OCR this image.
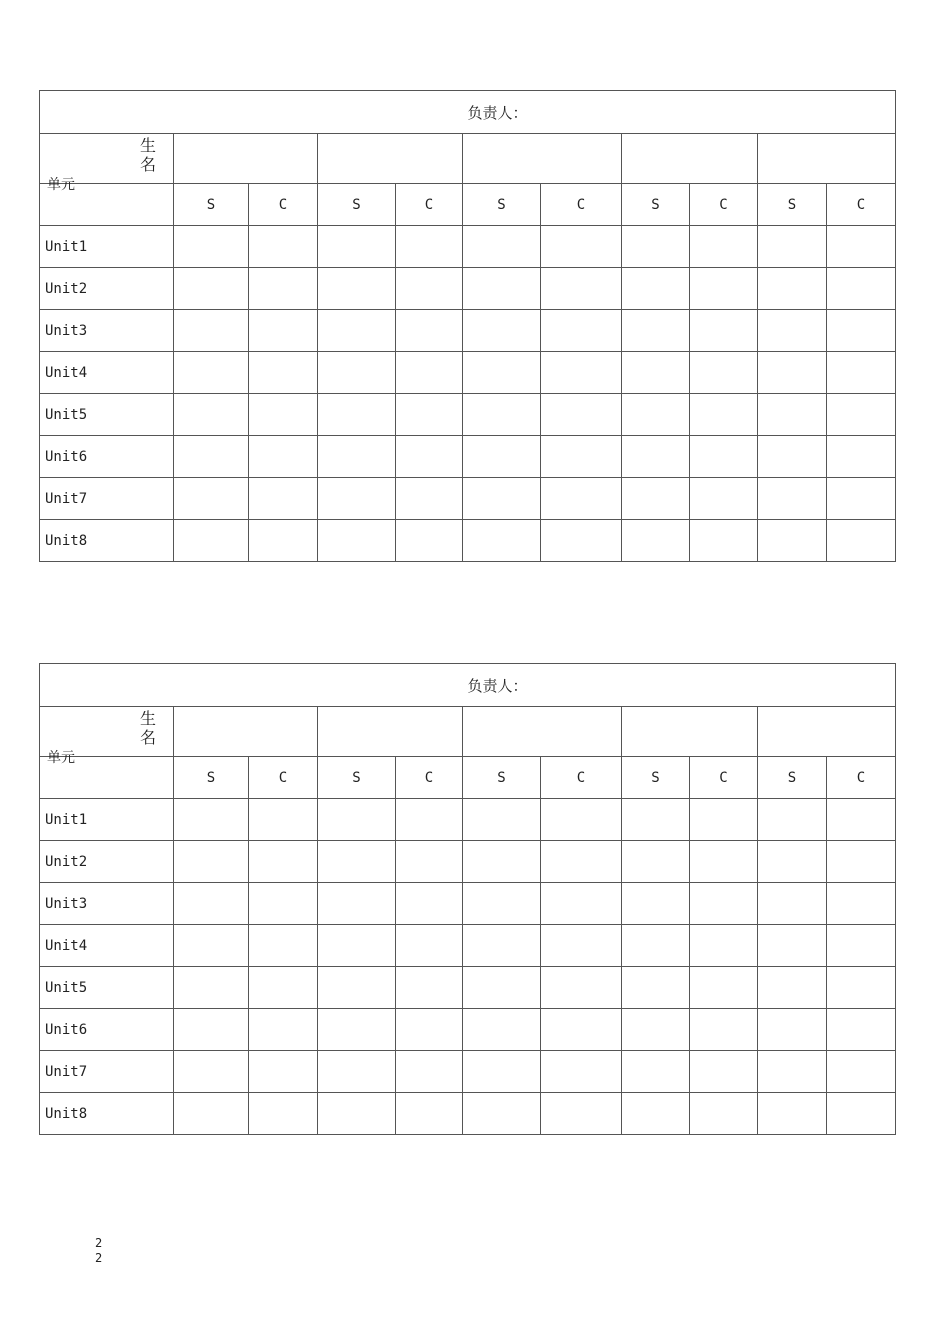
负责人：										

生名
单元										

	S	C	S	C	S	C	S	C	S	C
Unit1										
Unit2										
Unit3										
Unit4										
Unit5										
Unit6										
Unit7										
Unit8										
负责人：										

生名
单元										

	S	C	S	C	S	C	S	C	S	C
Unit1										
Unit2										
Unit3										
Unit4										
Unit5										
Unit6										
Unit7										
Unit8										
2
2
